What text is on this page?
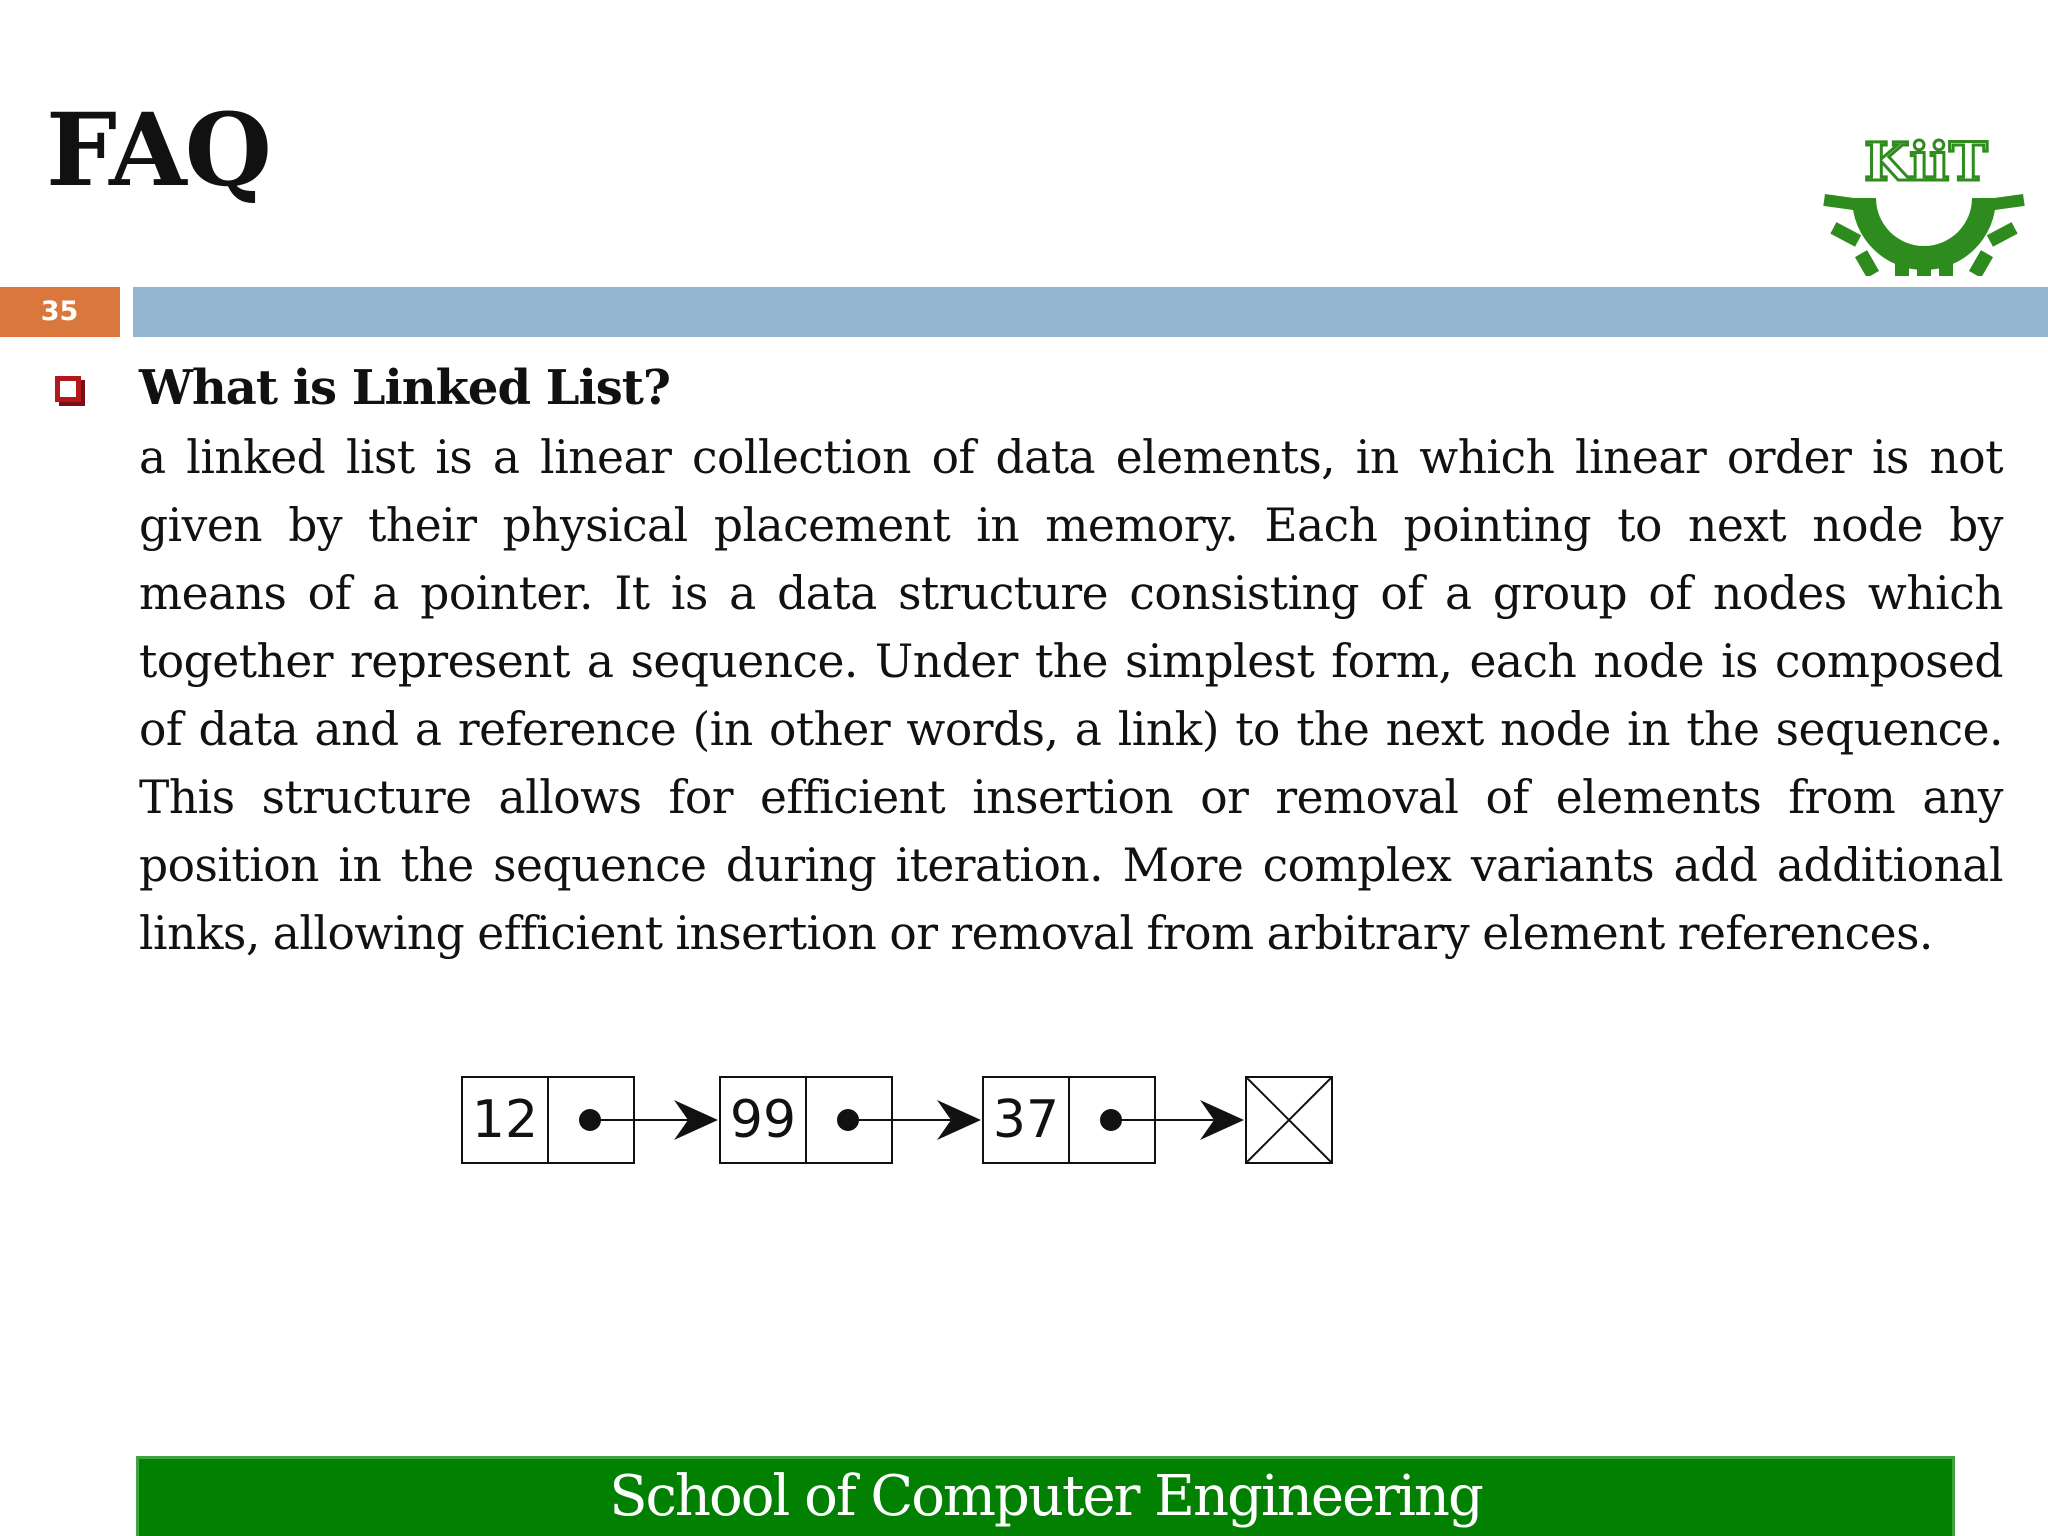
FAQ	KiiT
35
What is Linked List?

a linked list is a linear collection of data elements, in which linear order is not given by their physical placement in memory. Each pointing to next node by means of a pointer. It is a data structure consisting of a group of nodes which together represent a sequence. Under the simplest form, each node is composed of data and a reference (in other words, a link) to the next node in the sequence. This structure allows for efficient insertion or removal of elements from any position in the sequence during iteration. More complex variants add additional links, allowing efficient insertion or removal from arbitrary element references.

12	99	37
School of Computer Engineering
